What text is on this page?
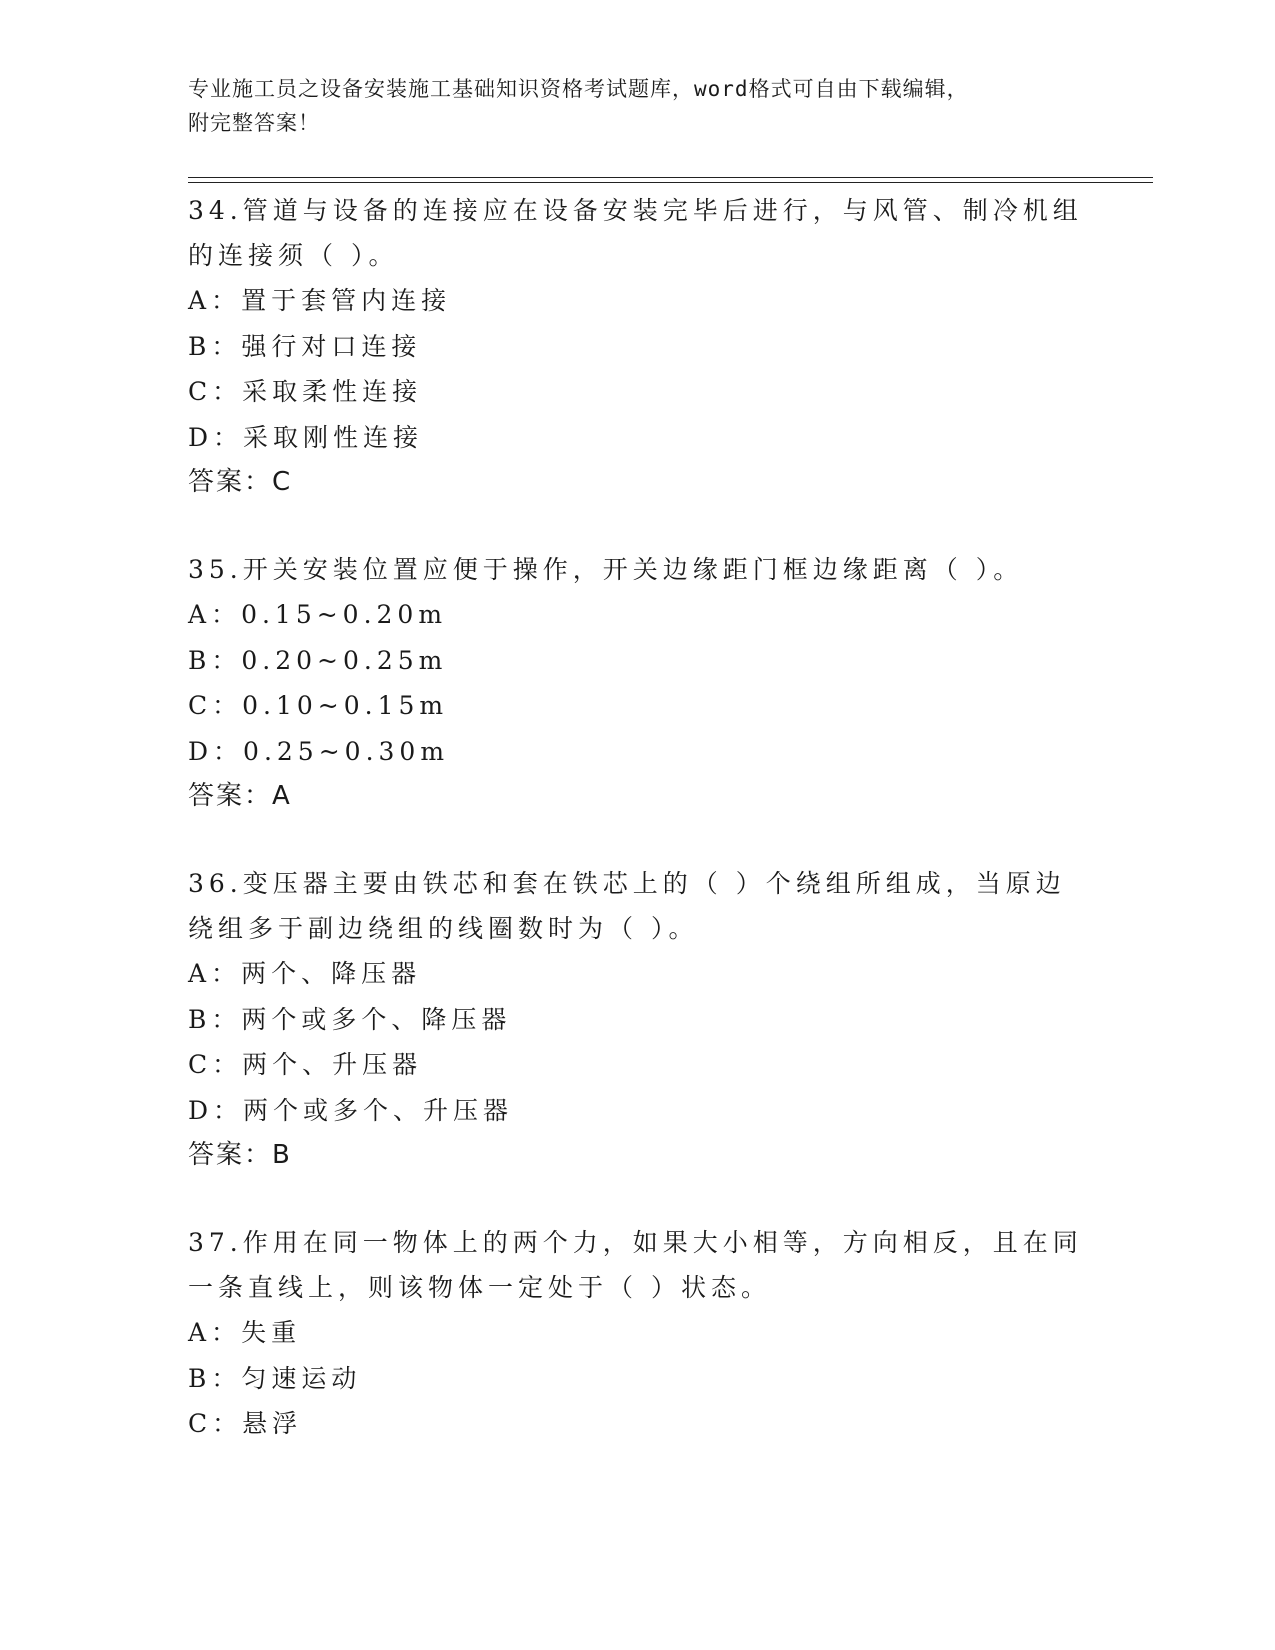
专业施工员之设备安装施工基础知识资格考试题库，word格式可自由下载编辑，
附完整答案！

34.管道与设备的连接应在设备安装完毕后进行，与风管、制冷机组的连接须（ ）。

A：置于套管内连接

B：强行对口连接

C：采取柔性连接

D：采取刚性连接

答案：C

35.开关安装位置应便于操作，开关边缘距门框边缘距离（ ）。

A：0.15~0.20m

B：0.20~0.25m

C：0.10~0.15m

D：0.25~0.30m

答案：A

36.变压器主要由铁芯和套在铁芯上的（ ）个绕组所组成，当原边绕组多于副边绕组的线圈数时为（ ）。

A：两个、降压器

B：两个或多个、降压器

C：两个、升压器

D：两个或多个、升压器

答案：B

37.作用在同一物体上的两个力，如果大小相等，方向相反，且在同一条直线上，则该物体一定处于（ ）状态。

A：失重

B：匀速运动

C：悬浮
